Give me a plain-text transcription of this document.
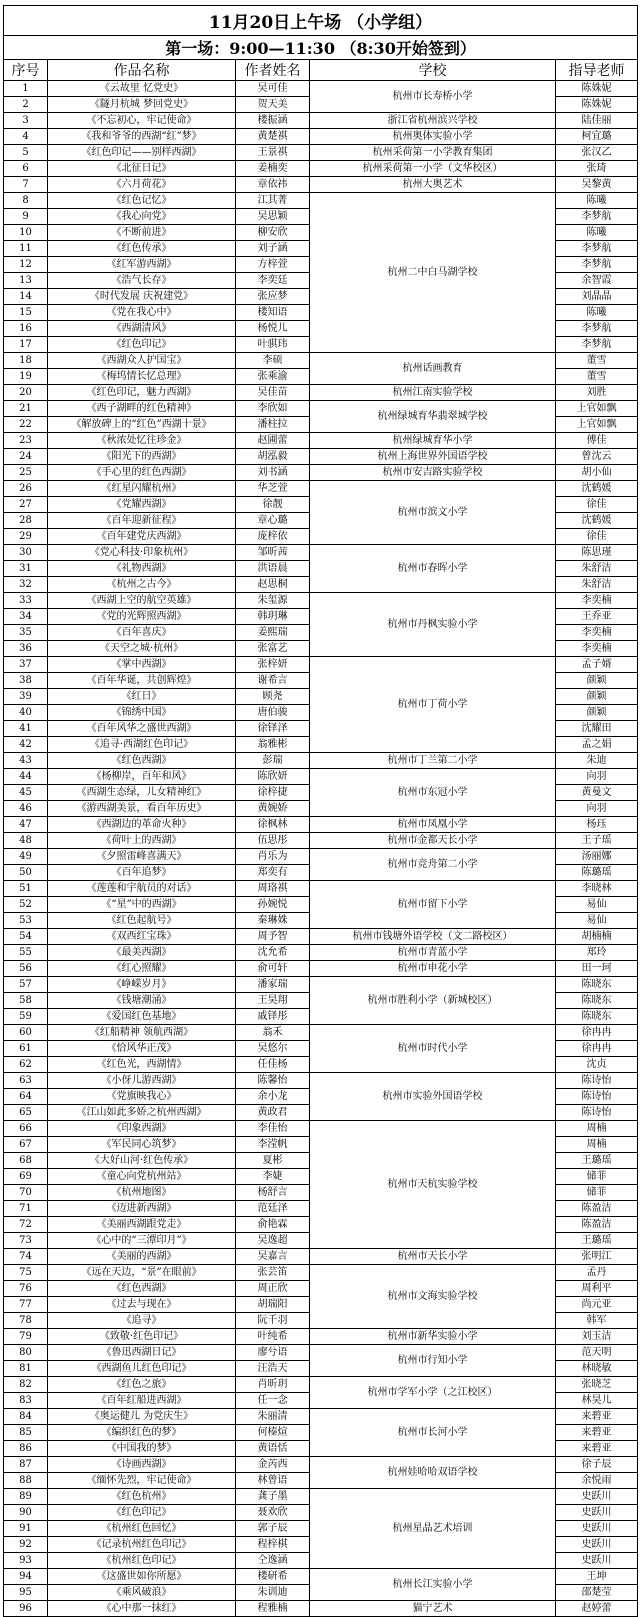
11月20日上午场 （小学组）				
第一场：9:00—11:30 （8:30开始签到）				
序号	作品名称	作者姓名	学校	指导老师
1	《云故里 忆党史》	吴可佳	杭州市长寿桥小学	陈姝妮
2	《隧月杭城 梦回党史》	贺天美		陈姝妮
3	《不忘初心，牢记使命》	楼振涵	浙江省杭州滨兴学校	陆佳丽
4	《我和爷爷的西湖“红”梦》	黄楚祺	杭州奥体实验小学	柯宜璐
5	《红色印记——别样西湖》	王景祺	杭州采荷第一小学教育集团	张汉乙
6	《北征日记》	姜楠奕	杭州采荷第一小学（文华校区）	张琦
7	《六月荷花》	章依祎	杭州大奥艺术	吴黎黄
8	《红色记忆》	江其菁	杭州二中白马湖学校	陈曦
9	《我心向党》	吴思颖		李梦航
10	《不断前进》	柳安欣		陈曦
11	《红色传承》	刘子涵		李梦航
12	《红军游西湖》	方梓萱		李梦航
13	《浩气长存》	李奕廷		余智霞
14	《时代发展 庆祝建党》	张应梦		刘晶晶
15	《党在我心中》	楼知语		陈曦
16	《西湖清风》	杨悦儿		李梦航
17	《红色印记》	叶骐玮		李梦航
18	《西湖众人护国宝》	李硕	杭州话画教育	董雪
19	《梅坞情长忆总理》	张乘渝		董雪
20	《红色印记，魅力西湖》	吴佳苗	杭州江南实验学校	刘胜
21	《西子湖畔的红色精神》	李欣如	杭州绿城育华翡翠城学校	上官如飘
22	《解放碑上的“红色”西湖十景》	潘柱拉		上官如飘
23	《秋浓处忆往珍金》	赵圃蕾	杭州绿城育华小学	傅佳
24	《阳光下的西湖》	胡泓毅	杭州上海世界外国语学校	曾沈云
25	《手心里的红色西湖》	刘书涵	杭州市安吉路实验学校	胡小仙
26	《红星闪耀杭州》	华芝萱	杭州市滨文小学	沈鹤媛
27	《党耀西湖》	徐靓		徐佳
28	《百年迎新征程》	章心璐		沈鹤媛
29	《百年建党庆西湖》	庞梓依		徐佳
30	《党心科技·印象杭州》	邹昕茜	杭州市春晖小学	陈思瑾
31	《礼物西湖》	洪语晨		朱舒洁
32	《杭州之古今》	赵思桐		朱舒洁
33	《西湖上空的航空英雄》	朱玺源	杭州市丹枫实验小学	李奕楠
34	《党的光辉照西湖》	韩玥琳		王乔亚
35	《百年喜庆》	姜熙瑞		李奕楠
36	《天空之城·杭州》	张富艺		李奕楠
37	《掌中西湖》	张梓妍	杭州市丁荷小学	孟子婿
38	《百年华诞，共创辉煌》	谢希言		颜颖
39	《红日》	顾尧		颜颖
40	《锦绣中国》	唐伯骏		颜颖
41	《百年风华之盛世西湖》	徐铎泽		沈耀田
42	《追寻·西湖红色印记》	翁雅彬		孟之娟
43	《红色西湖》	彭瑞	杭州市丁兰第二小学	朱迪
44	《杨柳岸，百年和风》	陈欣妍	杭州市东冠小学	向羽
45	《西湖生态绿，儿女精神红》	徐梓捷		黄曼文
46	《游西湖美景，看百年历史》	黄婉娇		向羽
47	《西湖边的革命火种》	徐枫林	杭州市凤凰小学	杨珏
48	《荷叶上的西湖》	伍思彤	杭州市金都天长小学	王子瑶
49	《夕照雷峰喜满天》	肖乐为	杭州市竞舟第二小学	汤丽娜
50	《百年追梦》	郑奕有		陈璐瑶
51	《莲莲和宇航员的对话》	周珞祺	杭州市留下小学	李晓林
52	《“星”中的西湖》	孙婉悦		易仙
53	《红色起航号》	秦琳姝		易仙
54	《双西红宝珠》	周予智	杭州市钱塘外语学校（文二路校区）	胡楠楠
55	《最美西湖》	沈允希	杭州市青蓝小学	郑玲
56	《红心照耀》	俞可轩	杭州市申花小学	田一珂
57	《峥嵘岁月》	潘家瑞	杭州市胜利小学（新城校区）	陈晓东
58	《钱塘潮涌》	王昊翔		陈晓东
59	《爱国红色基地》	戚铎彤		陈晓东
60	《红船精神 领航西湖》	翁禾	杭州市时代小学	徐冉冉
61	《恰风华正茂》	吴悠尔		徐冉冉
62	《红色光，西湖情》	任佳杨		沈贞
63	《小伢儿游西湖》	陈馨怡	杭州市实验外国语学校	陈诗怡
64	《党旗映我心》	余小龙		陈诗怡
65	《江山如此多娇之杭州西湖》	黄政君		陈诗怡
66	《印象西湖》	李佳怡	杭州市天杭实验学校	周楠
67	《军民同心筑梦》	李滢帆		周楠
68	《大好山河·红色传承》	夏彬		王璐瑶
69	《童心向党杭州站》	李婕		储菲
70	《杭州地图》	杨舒言		储菲
71	《迈进新西湖》	范廷泽		陈盈洁
72	《美丽西湖跟党走》	俞艳霖		陈盈洁
73	《心中的“三潭印月”》	吴逸超		王璐瑶
74	《美丽的西湖》	吴嘉言	杭州市天长小学	张明江
75	《远在天边，“景”在眼前》	张芸笛	杭州市文海实验学校	孟丹
76	《红色西湖》	周正欣		周利平
77	《过去与现在》	胡瑞阳		尚元亚
78	《追寻》	阮千羽		韩军
79	《致敬·红色印记》	叶纯希	杭州市新华实验小学	刘玉洁
80	《鲁迅西湖日记》	廖兮语	杭州市行知小学	范天明
81	《西湖鱼儿红色印记》	汪浩天		林晓敏
82	《红色之旅》	肖昕玥	杭州市学军小学（之江校区）	张晓芝
83	《百年红船进西湖》	任一念		林昊儿
84	《奥运健儿 为党庆生》	朱丽清	杭州市长河小学	来碧亚
85	《编织红色的梦》	何榛煊		来碧亚
86	《中国我的梦》	黄语恬		来碧亚
87	《诗画西湖》	金芮西	杭州娃哈哈双语学校	徐子辰
88	《缅怀先烈，牢记使命》	林曾语		余悦雨
89	《红色杭州》	龚子墨	杭州星晶艺术培训	史跃川
90	《红色印记》	聂欢欣		史跃川
91	《杭州红色回忆》	郭子辰		史跃川
92	《记录杭州红色印记》	程梓棋		史跃川
93	《杭州红色印记》	仝逸涵		史跃川
94	《这盛世如你所愿》	楼研希	杭州长江实验小学	王坤
95	《乘风破浪》	朱训迪		邵楚莹
96	《心中那一抹红》	程雅楠	猫宁艺术	赵婷蕾
